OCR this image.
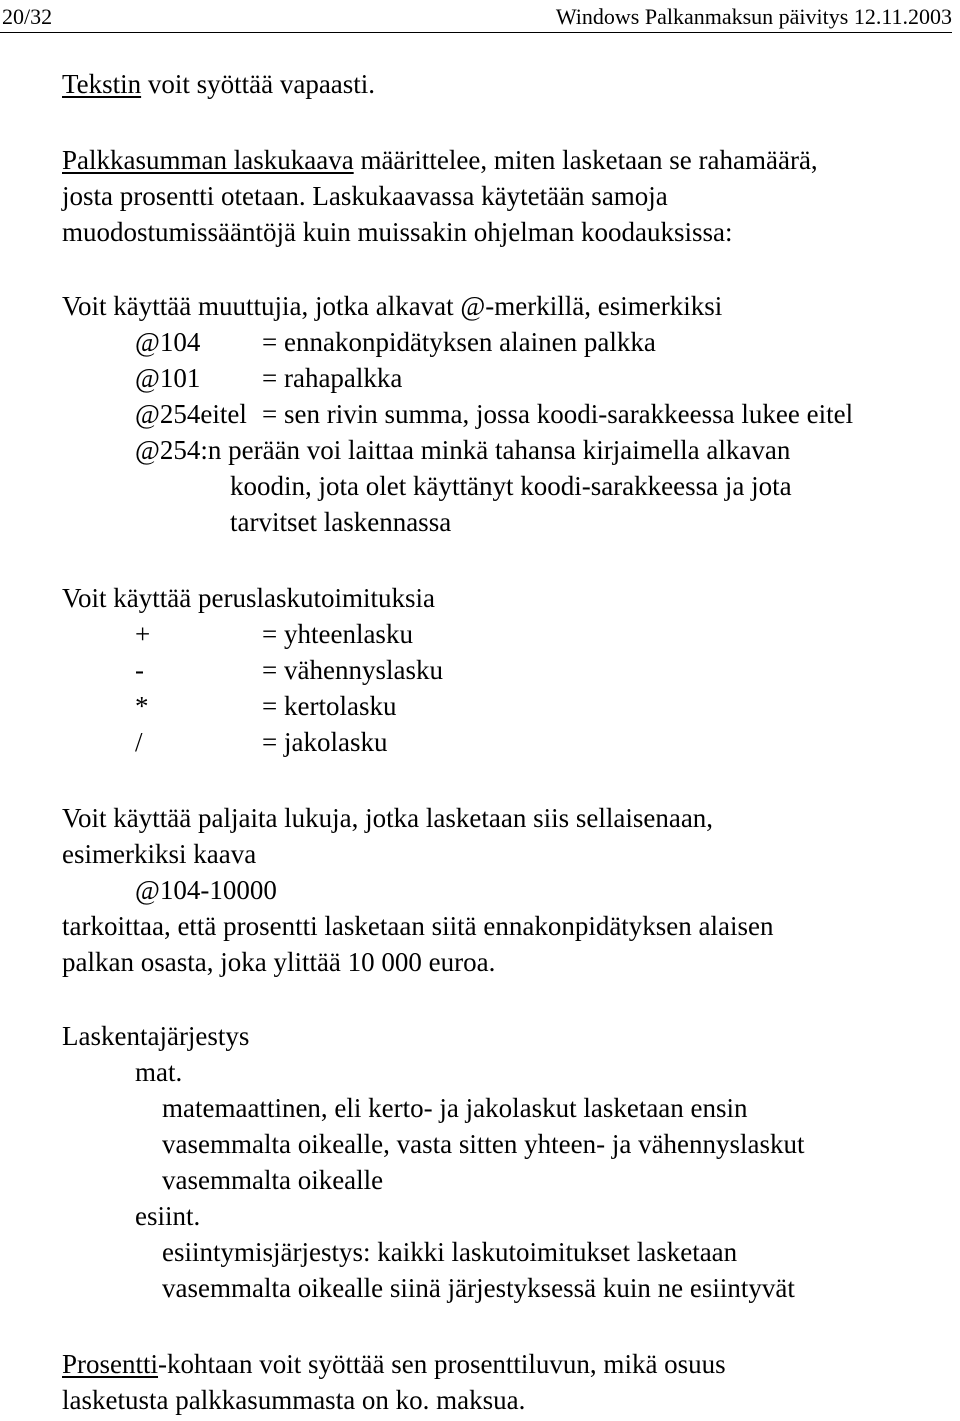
20/32	Windows Palkanmaksun päivitys 12.11.2003
Tekstin voit syöttää vapaasti.
Palkkasumman laskukaava määrittelee, miten lasketaan se rahamäärä,
josta prosentti otetaan. Laskukaavassa käytetään samoja
muodostumissääntöjä kuin muissakin ohjelman koodauksissa:
Voit käyttää muuttujia, jotka alkavat @-merkillä, esimerkiksi
@104 = ennakonpidätyksen alainen palkka
@101 = rahapalkka
@254eitel = sen rivin summa, jossa koodi-sarakkeessa lukee eitel
@254:n perään voi laittaa minkä tahansa kirjaimella alkavan
koodin, jota olet käyttänyt koodi-sarakkeessa ja jota
tarvitset laskennassa
Voit käyttää peruslaskutoimituksia
+	= yhteenlasku
-	= vähennyslasku
*	= kertolasku
/	= jakolasku
Voit käyttää paljaita lukuja, jotka lasketaan siis sellaisenaan,
esimerkiksi kaava
@104-10000
tarkoittaa, että prosentti lasketaan siitä ennakonpidätyksen alaisen
palkan osasta, joka ylittää 10 000 euroa.
Laskentajärjestys
mat.
matemaattinen, eli kerto- ja jakolaskut lasketaan ensin
vasemmalta oikealle, vasta sitten yhteen- ja vähennyslaskut
vasemmalta oikealle
esiint.
esiintymisjärjestys: kaikki laskutoimitukset lasketaan
vasemmalta oikealle siinä järjestyksessä kuin ne esiintyvät
Prosentti-kohtaan voit syöttää sen prosenttiluvun, mikä osuus
lasketusta palkkasummasta on ko. maksua.
